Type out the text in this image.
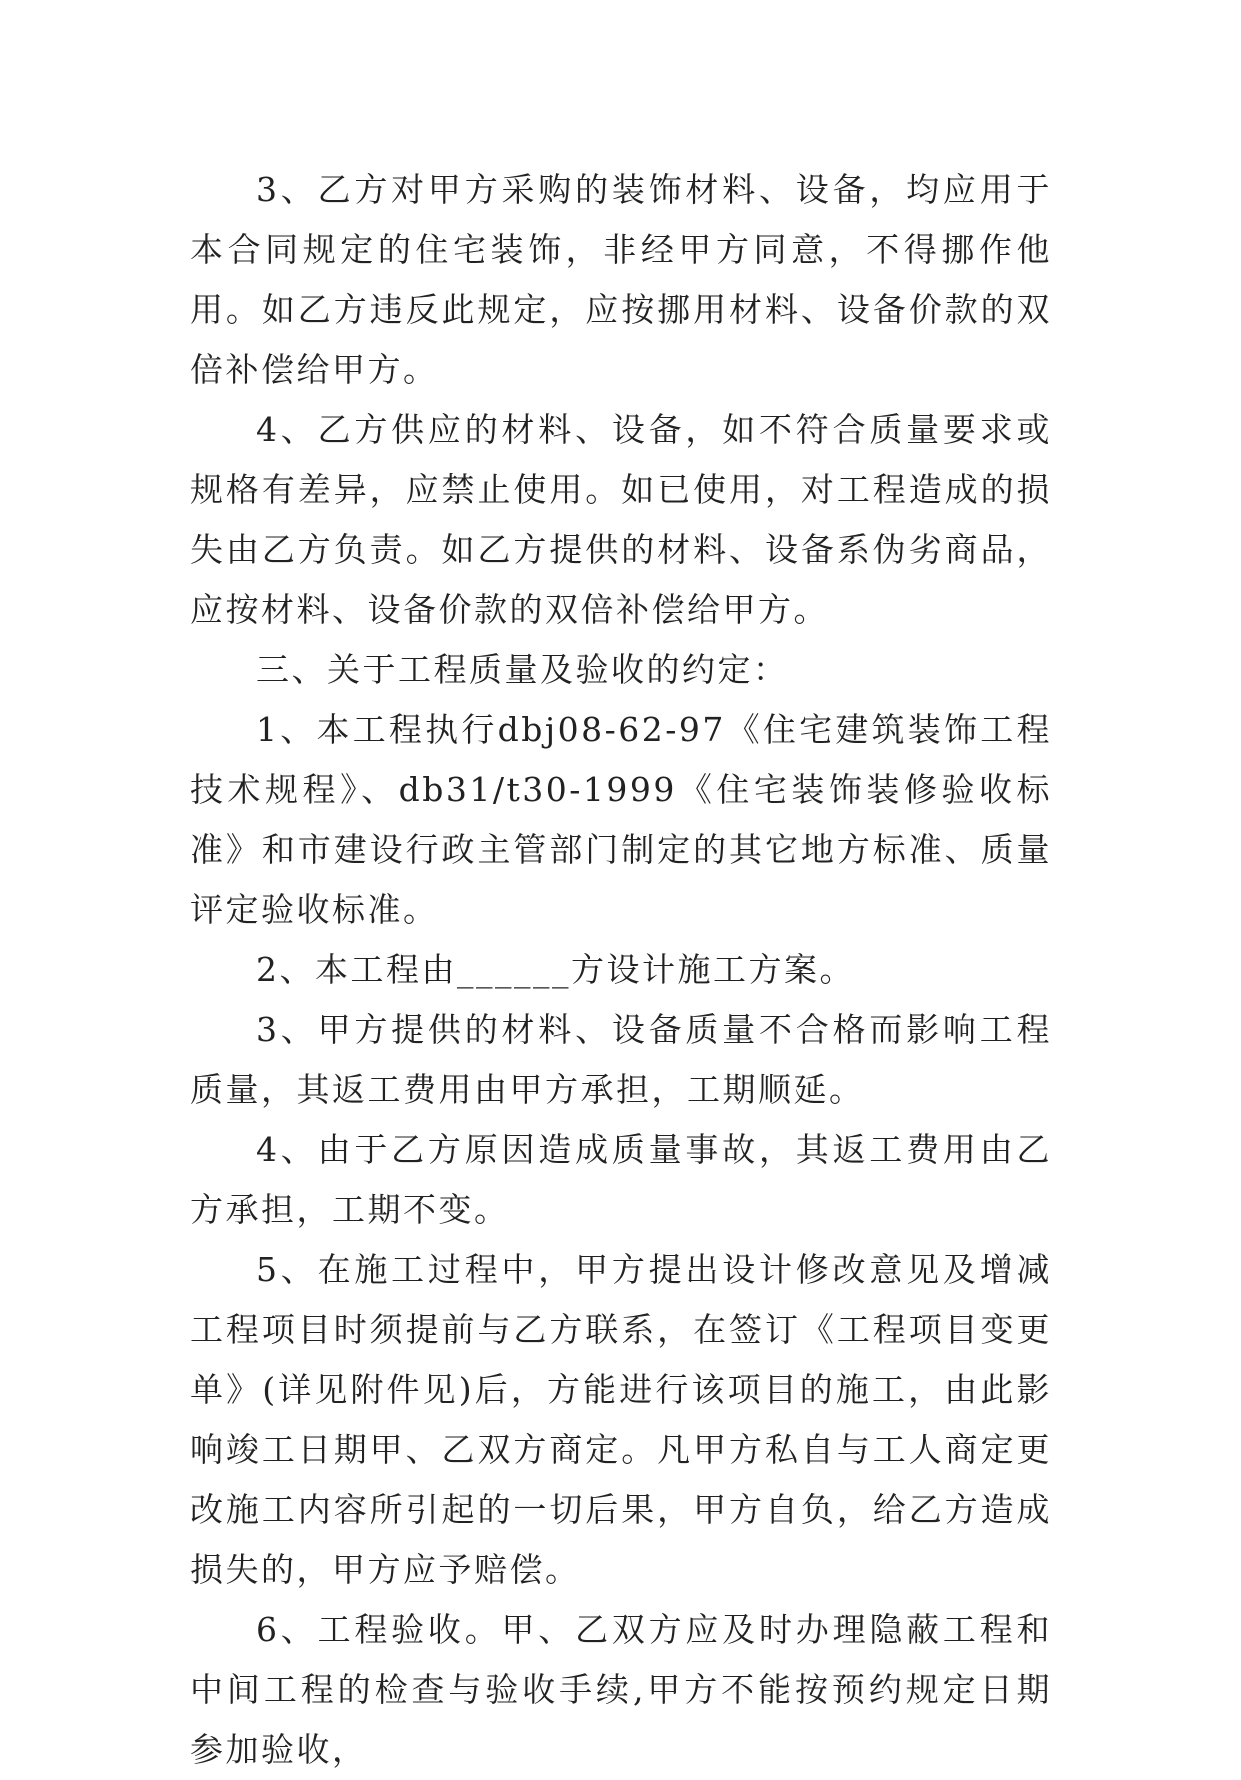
3、乙方对甲方采购的装饰材料、设备，均应用于本合同规定的住宅装饰，非经甲方同意，不得挪作他用。如乙方违反此规定，应按挪用材料、设备价款的双倍补偿给甲方。

4、乙方供应的材料、设备，如不符合质量要求或规格有差异，应禁止使用。如已使用，对工程造成的损失由乙方负责。如乙方提供的材料、设备系伪劣商品，应按材料、设备价款的双倍补偿给甲方。

三、关于工程质量及验收的约定：

1、本工程执行dbj08-62-97《住宅建筑装饰工程技术规程》、db31/t30-1999《住宅装饰装修验收标准》和市建设行政主管部门制定的其它地方标准、质量评定验收标准。

2、本工程由______方设计施工方案。

3、甲方提供的材料、设备质量不合格而影响工程质量，其返工费用由甲方承担，工期顺延。

4、由于乙方原因造成质量事故，其返工费用由乙方承担，工期不变。

5、在施工过程中，甲方提出设计修改意见及增减工程项目时须提前与乙方联系，在签订《工程项目变更单》(详见附件见)后，方能进行该项目的施工，由此影响竣工日期甲、乙双方商定。凡甲方私自与工人商定更改施工内容所引起的一切后果，甲方自负，给乙方造成损失的，甲方应予赔偿。

6、工程验收。甲、乙双方应及时办理隐蔽工程和中间工程的检查与验收手续,甲方不能按预约规定日期参加验收，
